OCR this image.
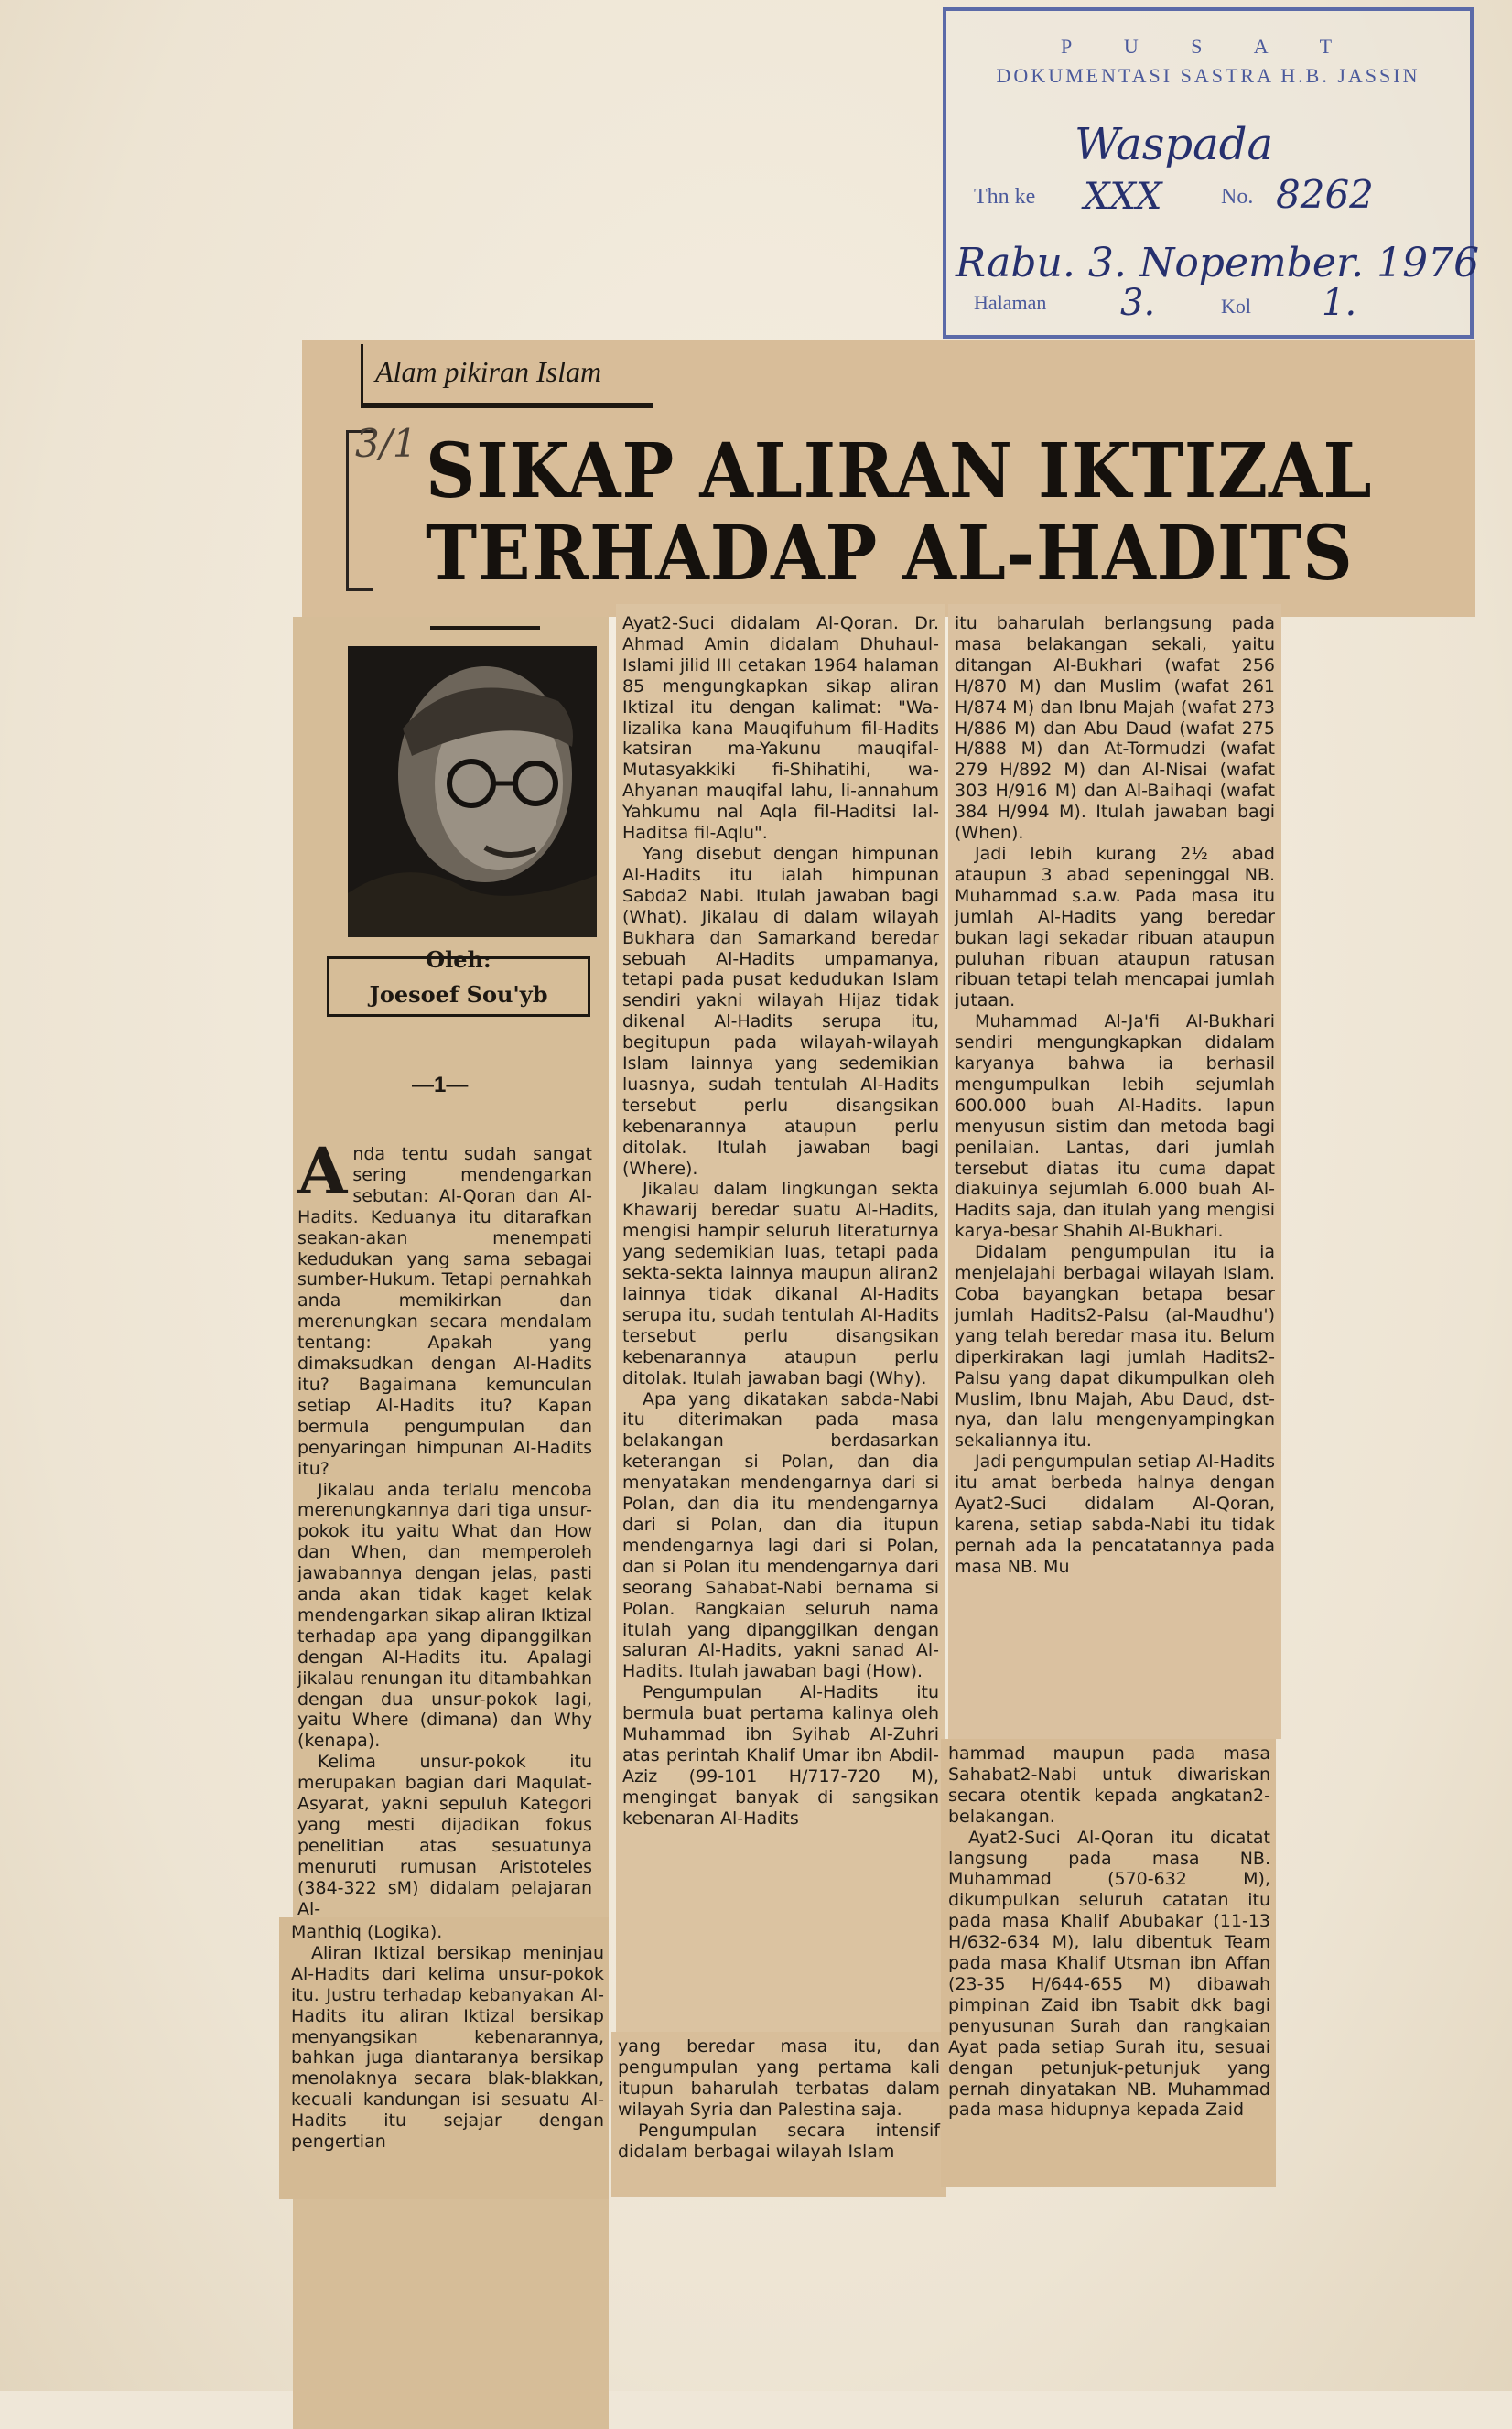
P U S A T
DOKUMENTASI SASTRA H.B. JASSIN
Waspada
Thn ke XXX	No. 8262
Rabu. 3. Nopember. 1976
Halaman 3.	Kol 1.
Alam pikiran Islam
3/1 SIKAP ALIRAN IKTIZAL
TERHADAP AL-HADITS
Oleh:
Joesoef Sou'yb
—1—
A nda tentu sudah sangat sering mendengarkan sebutan: Al-Qoran dan Al-Hadits. Keduanya itu ditarafkan seakan-akan menempati kedudukan yang sama sebagai sumber-Hukum. Tetapi pernahkah anda memikirkan dan merenungkan secara mendalam tentang: Apakah yang dimaksudkan dengan Al-Hadits itu? Bagaimana kemunculan setiap Al-Hadits itu? Kapan bermula pengumpulan dan penyaringan himpunan Al-Hadits itu?

Jikalau anda terlalu mencoba merenungkannya dari tiga unsur-pokok itu yaitu What dan How dan When, dan memperoleh jawabannya dengan jelas, pasti anda akan tidak kaget kelak mendengarkan sikap aliran Iktizal terhadap apa yang dipanggilkan dengan Al-Hadits itu. Apalagi jikalau renungan itu ditambahkan dengan dua unsur-pokok lagi, yaitu Where (dimana) dan Why (kenapa).

Kelima unsur-pokok itu merupakan bagian dari Maqulat-Asyarat, yakni sepuluh Kategori yang mesti dijadikan fokus penelitian atas sesuatunya menuruti rumusan Aristoteles (384-322 sM) didalam pelajaran Al-

Manthiq (Logika).

Aliran Iktizal bersikap meninjau Al-Hadits dari kelima unsur-pokok itu. Justru terhadap kebanyakan Al-Hadits itu aliran Iktizal bersikap menyangsikan kebenarannya, bahkan juga diantaranya bersikap menolaknya secara blak-blakkan, kecuali kandungan isi sesuatu Al-Hadits itu sejajar dengan pengertian

Ayat2-Suci didalam Al-Qoran. Dr. Ahmad Amin didalam Dhuhaul-Islami jilid III cetakan 1964 halaman 85 mengungkapkan sikap aliran Iktizal itu dengan kalimat: "Wa-lizalika kana Mauqifuhum fil-Hadits katsiran ma-Yakunu mauqifal-Mutasyakkiki fi-Shihatihi, wa-Ahyanan mauqifal lahu, li-annahum Yahkumu nal Aqla fil-Haditsi lal-Haditsa fil-Aqlu".

Yang disebut dengan himpunan Al-Hadits itu ialah himpunan Sabda2 Nabi. Itulah jawaban bagi (What). Jikalau di dalam wilayah Bukhara dan Samarkand beredar sebuah Al-Hadits umpamanya, tetapi pada pusat kedudukan Islam sendiri yakni wilayah Hijaz tidak dikenal Al-Hadits serupa itu, begitupun pada wilayah-wilayah Islam lainnya yang sedemikian luasnya, sudah tentulah Al-Hadits tersebut perlu disangsikan kebenarannya ataupun perlu ditolak. Itulah jawaban bagi (Where).

Jikalau dalam lingkungan sekta Khawarij beredar suatu Al-Hadits, mengisi hampir seluruh literaturnya yang sedemikian luas, tetapi pada sekta-sekta lainnya maupun aliran2 lainnya tidak dikanal Al-Hadits serupa itu, sudah tentulah Al-Hadits tersebut perlu disangsikan kebenarannya ataupun perlu ditolak. Itulah jawaban bagi (Why).

Apa yang dikatakan sabda-Nabi itu diterimakan pada masa belakangan berdasarkan keterangan si Polan, dan dia menyatakan mendengarnya dari si Polan, dan dia itu mendengarnya dari si Polan, dan dia itupun mendengarnya lagi dari si Polan, dan si Polan itu mendengarnya dari seorang Sahabat-Nabi bernama si Polan. Rangkaian seluruh nama itulah yang dipanggilkan dengan saluran Al-Hadits, yakni sanad Al-Hadits. Itulah jawaban bagi (How).

Pengumpulan Al-Hadits itu bermula buat pertama kalinya oleh Muhammad ibn Syihab Al-Zuhri atas perintah Khalif Umar ibn Abdil-Aziz (99-101 H/717-720 M), mengingat banyak di sangsikan kebenaran Al-Hadits

yang beredar masa itu, dan pengumpulan yang pertama kali itupun baharulah terbatas dalam wilayah Syria dan Palestina saja.

Pengumpulan secara intensif didalam berbagai wilayah Islam

itu baharulah berlangsung pada masa belakangan sekali, yaitu ditangan Al-Bukhari (wafat 256 H/870 M) dan Muslim (wafat 261 H/874 M) dan Ibnu Majah (wafat 273 H/886 M) dan Abu Daud (wafat 275 H/888 M) dan At-Tormudzi (wafat 279 H/892 M) dan Al-Nisai (wafat 303 H/916 M) dan Al-Baihaqi (wafat 384 H/994 M). Itulah jawaban bagi (When).

Jadi lebih kurang 2½ abad ataupun 3 abad sepeninggal NB. Muhammad s.a.w. Pada masa itu jumlah Al-Hadits yang beredar bukan lagi sekadar ribuan ataupun puluhan ribuan ataupun ratusan ribuan tetapi telah mencapai jumlah jutaan.

Muhammad Al-Ja'fi Al-Bukhari sendiri mengungkapkan didalam karyanya bahwa ia berhasil mengumpulkan lebih sejumlah 600.000 buah Al-Hadits. lapun menyusun sistim dan metoda bagi penilaian. Lantas, dari jumlah tersebut diatas itu cuma dapat diakuinya sejumlah 6.000 buah Al-Hadits saja, dan itulah yang mengisi karya-besar Shahih Al-Bukhari.

Didalam pengumpulan itu ia menjelajahi berbagai wilayah Islam. Coba bayangkan betapa besar jumlah Hadits2-Palsu (al-Maudhu') yang telah beredar masa itu. Belum diperkirakan lagi jumlah Hadits2-Palsu yang dapat dikumpulkan oleh Muslim, Ibnu Majah, Abu Daud, dst-nya, dan lalu mengenyampingkan sekaliannya itu.

Jadi pengumpulan setiap Al-Hadits itu amat berbeda halnya dengan Ayat2-Suci didalam Al-Qoran, karena, setiap sabda-Nabi itu tidak pernah ada la pencatatannya pada masa NB. Mu

hammad maupun pada masa Sahabat2-Nabi untuk diwariskan secara otentik kepada angkatan2-belakangan.

Ayat2-Suci Al-Qoran itu dicatat langsung pada masa NB. Muhammad (570-632 M), dikumpulkan seluruh catatan itu pada masa Khalif Abubakar (11-13 H/632-634 M), lalu dibentuk Team pada masa Khalif Utsman ibn Affan (23-35 H/644-655 M) dibawah pimpinan Zaid ibn Tsabit dkk bagi penyusunan Surah dan rangkaian Ayat pada setiap Surah itu, sesuai dengan petunjuk-petunjuk yang pernah dinyatakan NB. Muhammad pada masa hidupnya kepada Zaid
